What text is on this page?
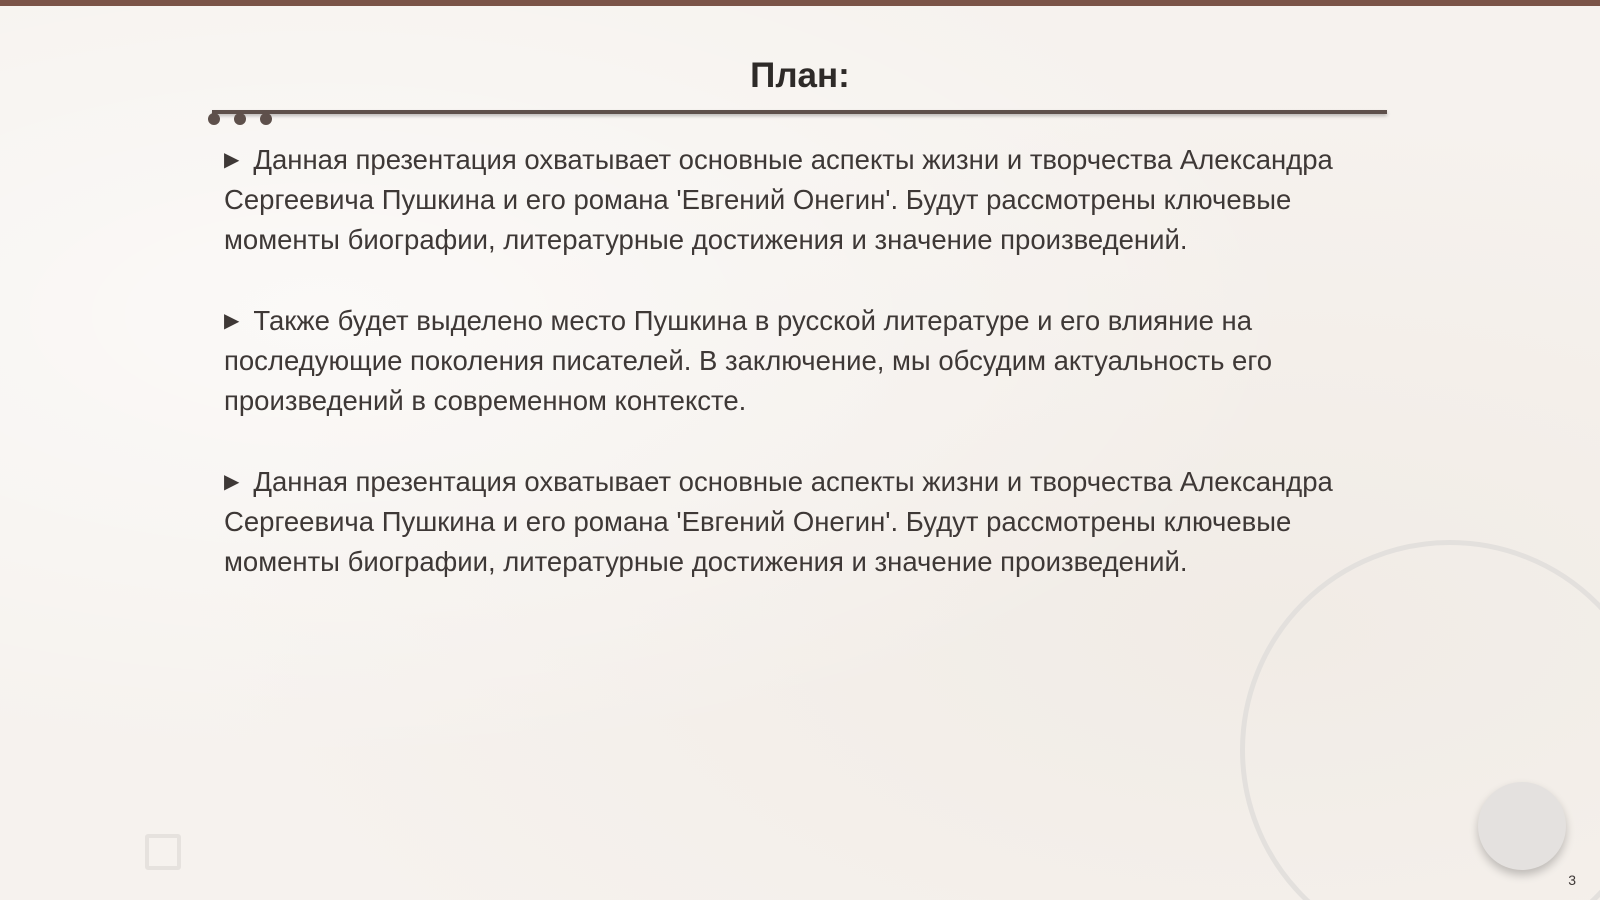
План:
▶ Данная презентация охватывает основные аспекты жизни и творчества Александра Сергеевича Пушкина и его романа 'Евгений Онегин'. Будут рассмотрены ключевые моменты биографии, литературные достижения и значение произведений.
▶ Также будет выделено место Пушкина в русской литературе и его влияние на последующие поколения писателей. В заключение, мы обсудим актуальность его произведений в современном контексте.
▶ Данная презентация охватывает основные аспекты жизни и творчества Александра Сергеевича Пушкина и его романа 'Евгений Онегин'. Будут рассмотрены ключевые моменты биографии, литературные достижения и значение произведений.
3
